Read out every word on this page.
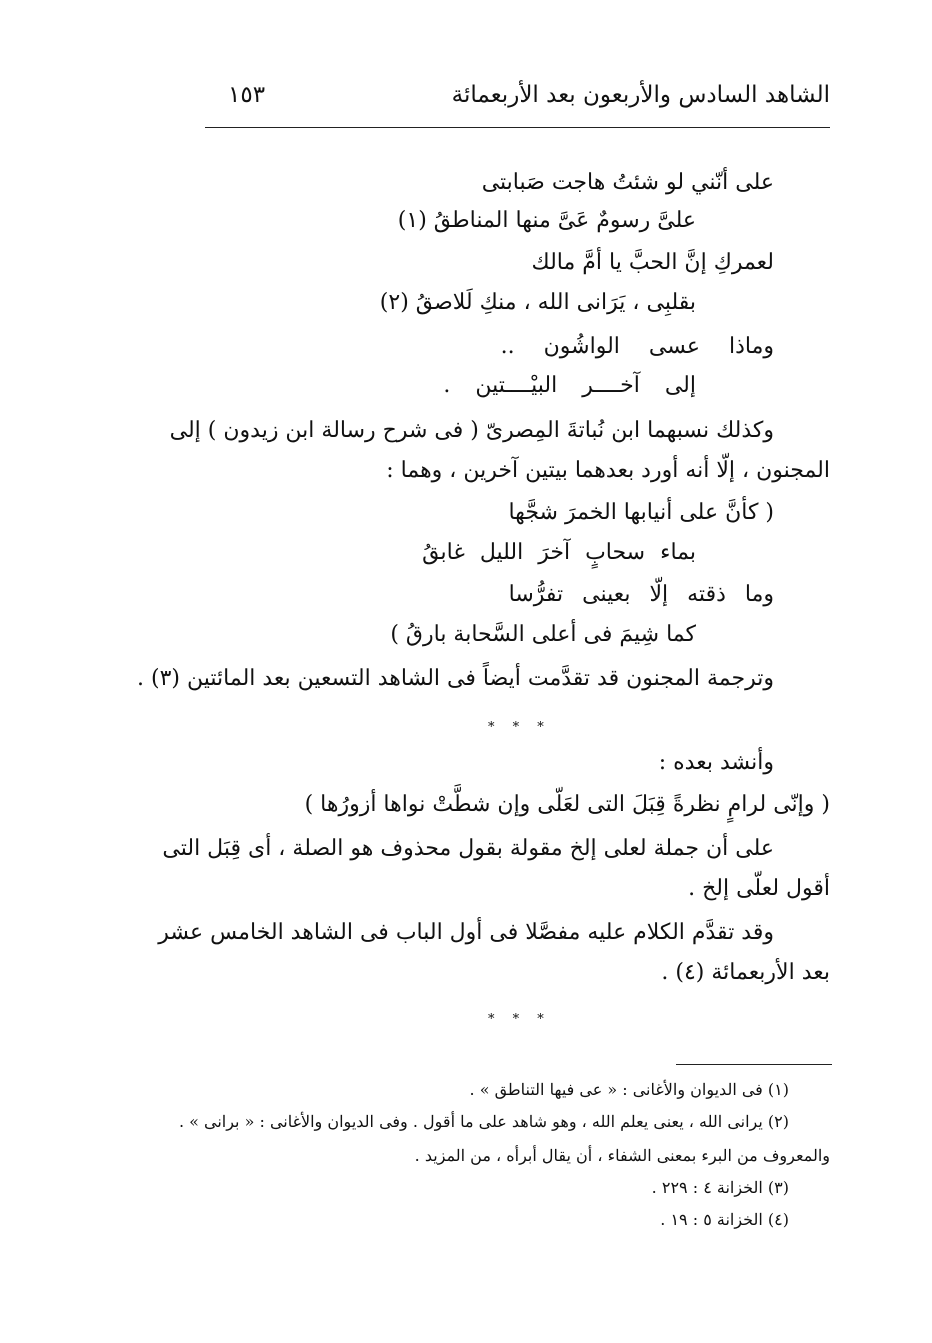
الشاهد السادس والأربعون بعد الأربعمائة
١٥٣
على أنّني لو شئتُ هاجت صَبابتى
علىَّ رسومٌ عَىَّ منها المناطقُ (١)
لعمركِ إنَّ الحبَّ يا أمَّ مالك
بقلبِى ، يَرَانى الله ، منكِ لَلاصقُ (٢)
وماذا عسى الواشُون ..
إلى آخــــر البيْــــتين .
وكذلك نسبهما ابن نُباتةَ المِصرىّ ( فى شرح رسالة ابن زيدون ) إلى
المجنون ، إلّا أنه أورد بعدهما بيتين آخرين ، وهما :
( كأنَّ على أنيابها الخمرَ شجَّها
بماء سحابٍ آخرَ الليل غابقُ
وما ذقته إلّا بعينى تفرُّسا
كما شِيمَ فى أعلى السَّحابة بارقُ )
وترجمة المجنون قد تقدَّمت أيضاً فى الشاهد التسعين بعد المائتين (٣) .
* * *
وأنشد بعده :
( وإنّى لرامٍ نظرةً قِبَلَ التى لعَلّى وإن شطَّتْ نواها أزورُها )
على أن جملة لعلى إلخ مقولة بقول محذوف هو الصلة ، أى قِبَل التى
أقول لعلّى إلخ .
وقد تقدَّم الكلام عليه مفصَّلا فى أول الباب فى الشاهد الخامس عشر
بعد الأربعمائة (٤) .
* * *
(١) فى الديوان والأغانى : « عى فيها التناطق » .
(٢) يرانى الله ، يعنى يعلم الله ، وهو شاهد على ما أقول . وفى الديوان والأغانى : « برانى » .
والمعروف من البرء بمعنى الشفاء ، أن يقال أبرأه ، من المزيد .
(٣) الخزانة ٤ : ٢٢٩ .
(٤) الخزانة ٥ : ١٩ .
